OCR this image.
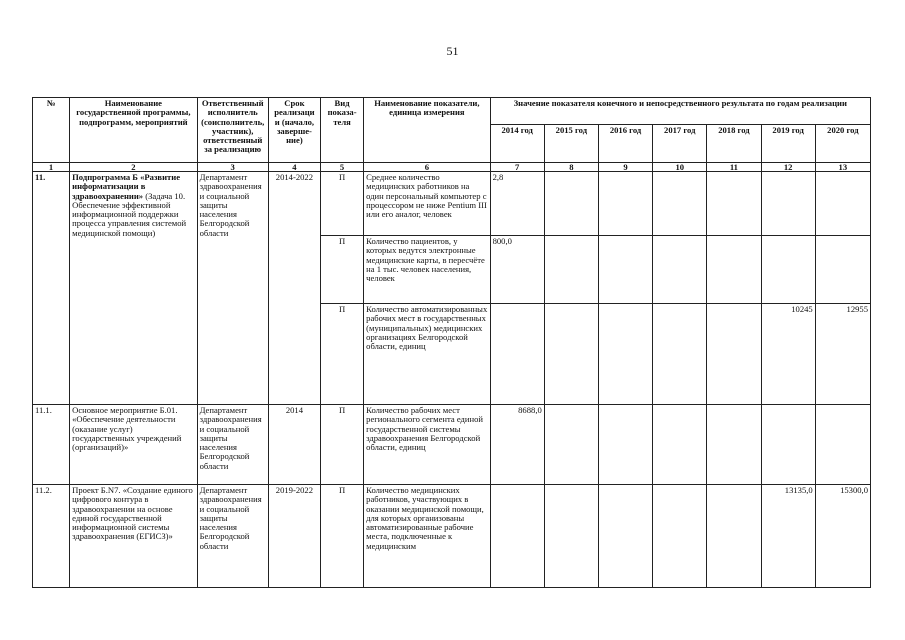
51
№	Наименование государственной программы, подпрограмм, мероприятий	Ответственный исполнитель (соисполнитель, участник), ответственный за реализацию	Срок реализаци и (начало, заверше-ние)	Вид показа-теля	Наименование показатели, единица измерения	Значение показателя конечного и непосредственного результата по годам реализации						
						2014 год	2015 год	2016 год	2017 год	2018 год	2019 год	2020 год
1	2	3	4	5	6	7	8	9	10	11	12	13
11.	Подпрограмма Б «Развитие информатизации в здравоохранении» (Задача 10. Обеспечение эффективной информационной поддержки процесса управления системой медицинской помощи)	Департамент здравоохранения и социальной защиты населения Белгородской области	2014-2022	П	Среднее количество медицинских работников на один персональный компьютер с процессором не ниже Pentium III или его аналог, человек	2,8						
				П	Количество пациентов, у которых ведутся электронные медицинские карты, в пересчёте на 1 тыс. человек населения, человек	800,0						
				П	Количество автоматизированных рабочих мест в государственных (муниципальных) медицинских организациях Белгородской области, единиц						10245	12955
11.1.	Основное мероприятие Б.01. «Обеспечение деятельности (оказание услуг) государственных учреждений (организаций)»	Департамент здравоохранения и социальной защиты населения Белгородской области	2014	П	Количество рабочих мест регионального сегмента единой государственной системы здравоохранения Белгородской области, единиц	8688,0						
11.2.	Проект Б.N7. «Создание единого цифрового контура в здравоохранении на основе единой государственной информационной системы здравоохранения (ЕГИСЗ)»	Департамент здравоохранения и социальной защиты населения Белгородской области	2019-2022	П	Количество медицинских работников, участвующих в оказании медицинской помощи, для которых организованы автоматизированные рабочие места, подключенные к медицинским						13135,0	15300,0
